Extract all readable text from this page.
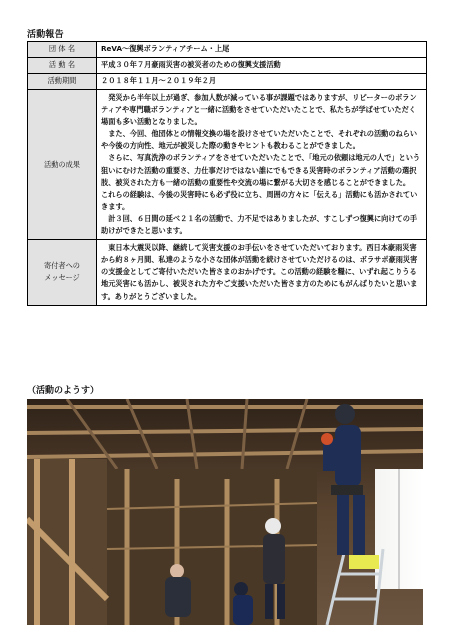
活動報告
団 体 名	ReVA～復興ボランティアチーム・上尾
活 動 名	平成３０年７月豪雨災害の被災者のための復興支援活動
活動期間	２０１８年１１月～２０１９年２月
活動の成果	　発災から半年以上が過ぎ、参加人数が減っている事が課題ではありますが、リピーターのボランティアや専門職ボランティアと一緒に活動をさせていただいたことで、私たちが学ばせていただく場面も多い活動となりました。
　また、今回、他団体との情報交換の場を設けさせていただいたことで、それぞれの活動のねらいや今後の方向性、地元が被災した際の動きやヒントも教わることができました。
　さらに、写真洗浄のボランティアをさせていただいたことで、「地元の依頼は地元の人で」という狙いにむけた活動の重要さ、力仕事だけではない誰にでもできる災害時のボランティア活動の選択肢、被災された方も一緒の活動の重要性や交流の場に繋がる大切さを感じることができました。
これらの経験は、今後の災害時にも必ず役に立ち、周囲の方々に「伝える」活動にも活かされていきます。
　計３回、６日間の延べ２１名の活動で、力不足ではありましたが、すこしずつ復興に向けての手助けができたと思います。

寄付者への
メッセージ	　東日本大震災以降、継続して災害支援のお手伝いをさせていただいております。西日本豪雨災害から約８ヶ月間、私達のような小さな団体が活動を続けさせていただけるのは、ボラサポ豪雨災害の支援金としてご寄付いただいた皆さまのおかげです。この活動の経験を糧に、いずれ起こりうる地元災害にも活かし、被災された方やご支援いただいた皆さま方のためにもがんばりたいと思います。ありがとうございました。
（活動のようす）
